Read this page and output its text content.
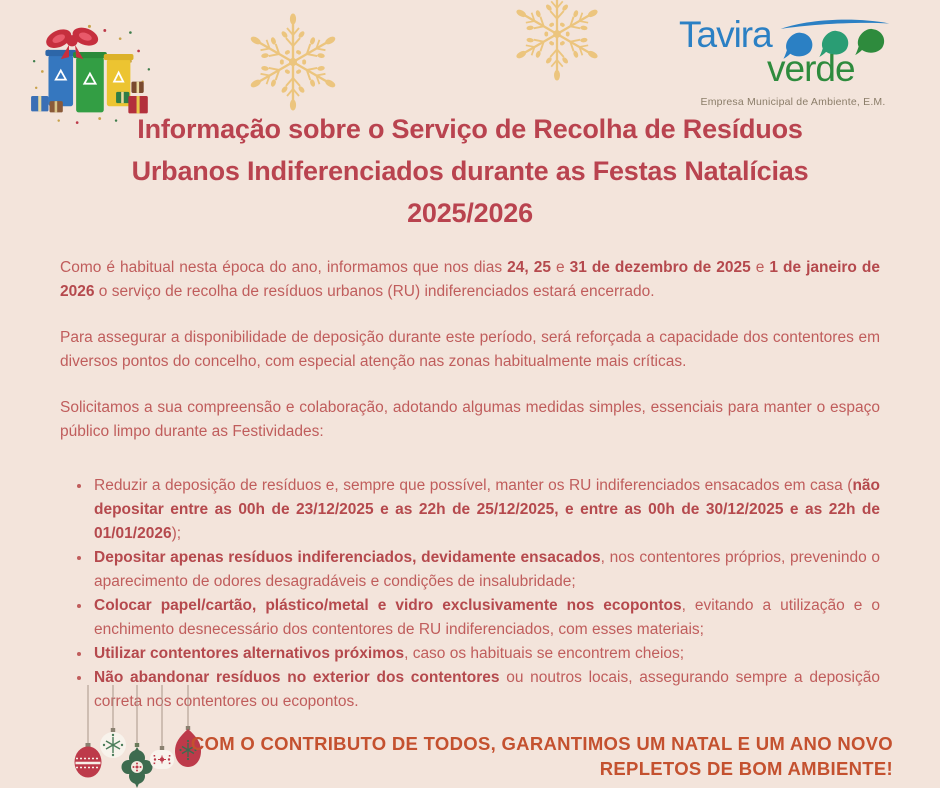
Tavira
verde
Empresa Municipal de Ambiente, E.M.
Informação sobre o Serviço de Recolha de Resíduos
Urbanos Indiferenciados durante as Festas Natalícias
2025/2026

Como é habitual nesta época do ano, informamos que nos dias 24, 25 e 31 de dezembro de 2025 e 1 de janeiro de 2026 o serviço de recolha de resíduos urbanos (RU) indiferenciados estará encerrado.

Para assegurar a disponibilidade de deposição durante este período, será reforçada a capacidade dos contentores em diversos pontos do concelho, com especial atenção nas zonas habitualmente mais críticas.

Solicitamos a sua compreensão e colaboração, adotando algumas medidas simples, essenciais para manter o espaço público limpo durante as Festividades:

• Reduzir a deposição de resíduos e, sempre que possível, manter os RU indiferenciados ensacados em casa (não depositar entre as 00h de 23/12/2025 e as 22h de 25/12/2025, e entre as 00h de 30/12/2025 e as 22h de 01/01/2026);
• Depositar apenas resíduos indiferenciados, devidamente ensacados, nos contentores próprios, prevenindo o aparecimento de odores desagradáveis e condições de insalubridade;
• Colocar papel/cartão, plástico/metal e vidro exclusivamente nos ecopontos, evitando a utilização e o enchimento desnecessário dos contentores de RU indiferenciados, com esses materiais;
• Utilizar contentores alternativos próximos, caso os habituais se encontrem cheios;
• Não abandonar resíduos no exterior dos contentores ou noutros locais, assegurando sempre a deposição correta nos contentores ou ecopontos.
COM O CONTRIBUTO DE TODOS, GARANTIMOS UM NATAL E UM ANO NOVO
REPLETOS DE BOM AMBIENTE!
